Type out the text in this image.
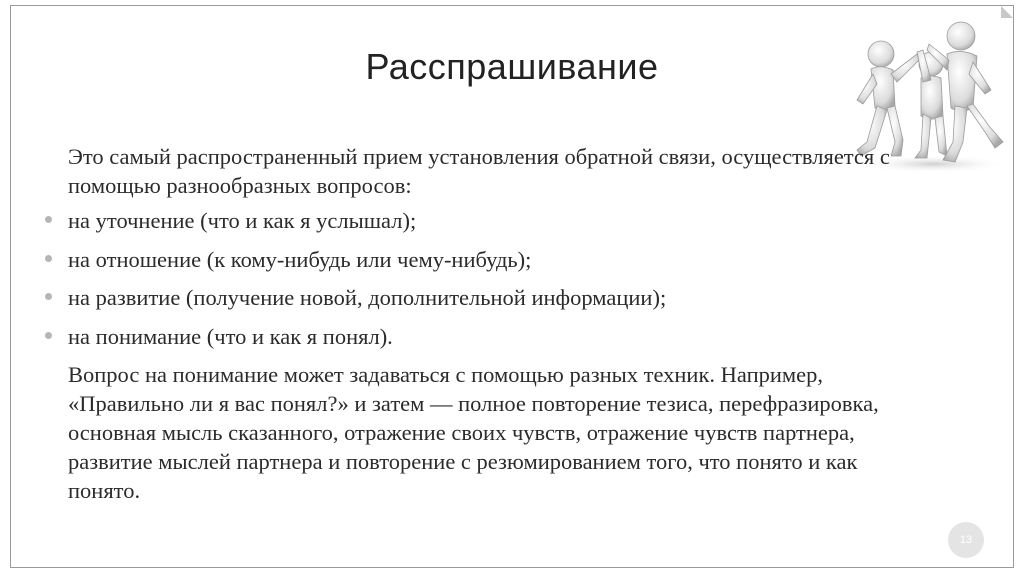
Расспрашивание

Это самый распространенный прием установления обратной связи, осуществляется с помощью разнообразных вопросов:

на уточнение (что и как я услышал);
на отношение (к кому-нибудь или чему-нибудь);
на развитие (получение новой, дополнительной информации);
на понимание (что и как я понял).

Вопрос на понимание может задаваться с помощью разных техник. Например, «Правильно ли я вас понял?» и затем — полное повторение тезиса, перефразировка, основная мысль сказанного, отражение своих чувств, отражение чувств партнера, развитие мыслей партнера и повторение с резюмированием того, что понято и как понято.

13
